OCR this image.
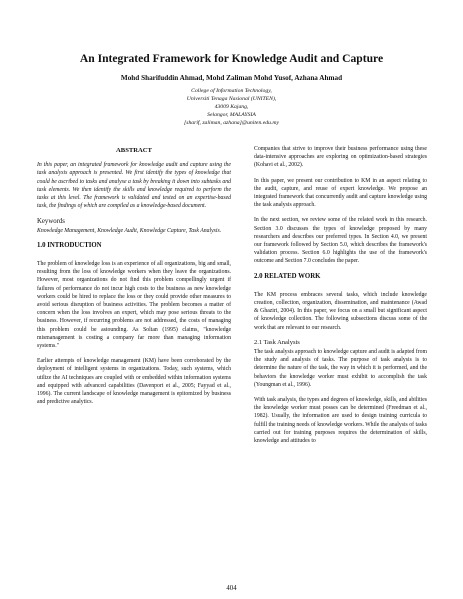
An Integrated Framework for Knowledge Audit and Capture
Mohd Sharifuddin Ahmad, Mohd Zaliman Mohd Yusof, Azhana Ahmad
College of Information Technology,
Universiti Tenaga Nasional (UNITEN),
43009 Kajang,
Selangor, MALAYSIA
[sharif, zaliman, azhana]@uniten.edu.my
ABSTRACT

In this paper, an integrated framework for knowledge audit and capture using the task analysis approach is presented. We first identify the types of knowledge that could be ascribed to tasks and analyse a task by breaking it down into subtasks and task elements. We then identify the skills and knowledge required to perform the tasks at this level. The framework is validated and tested on an expertise-based task, the findings of which are compiled as a knowledge-based document.

Keywords

Knowledge Management, Knowledge Audit, Knowledge Capture, Task Analysis.

1.0 INTRODUCTION

The problem of knowledge loss is an experience of all organizations, big and small, resulting from the loss of knowledge workers when they leave the organizations. However, most organizations do not find this problem compellingly urgent if failures of performance do not incur high costs to the business as new knowledge workers could be hired to replace the loss or they could provide other measures to avoid serious disruption of business activities. The problem becomes a matter of concern when the loss involves an expert, which may pose serious threats to the business. However, if recurring problems are not addressed, the costs of managing this problem could be astounding. As Soltan (1995) claims, "knowledge mismanagement is costing a company far more than managing information systems."

Earlier attempts of knowledge management (KM) have been corroborated by the deployment of intelligent systems in organizations. Today, such systems, which utilize the AI techniques are coupled with or embedded within information systems and equipped with advanced capabilities (Davenport et al., 2005; Fayyad et al., 1996). The current landscape of knowledge management is epitomized by business and predictive analytics.

Companies that strive to improve their business performance using these data-intensive approaches are exploring on optimization-based strategies (Kohavi et al., 2002).

In this paper, we present our contribution to KM in an aspect relating to the audit, capture, and reuse of expert knowledge. We propose an integrated framework that concurrently audit and capture knowledge using the task analysis approach.

In the next section, we review some of the related work in this research. Section 3.0 discusses the types of knowledge proposed by many researchers and describes our preferred types. In Section 4.0, we present our framework followed by Section 5.0, which describes the framework's validation process. Section 6.0 highlights the use of the framework's outcome and Section 7.0 concludes the paper.

2.0 RELATED WORK

The KM process embraces several tasks, which include knowledge creation, collection, organization, dissemination, and maintenance (Awad & Ghaziri, 2004). In this paper, we focus on a small but significant aspect of knowledge collection. The following subsections discuss some of the work that are relevant to our research.

2.1 Task Analysis

The task analysis approach to knowledge capture and audit is adapted from the study and analysis of tasks. The purpose of task analysis is to determine the nature of the task, the way in which it is performed, and the behaviors the knowledge worker must exhibit to accomplish the task (Youngman et al., 1996).

With task analysis, the types and degrees of knowledge, skills, and abilities the knowledge worker must posses can be determined (Freedman et al., 1982). Usually, the information are used to design training curricula to fulfill the training needs of knowledge workers. While the analysis of tasks carried out for training purposes requires the determination of skills, knowledge and attitudes to

404
